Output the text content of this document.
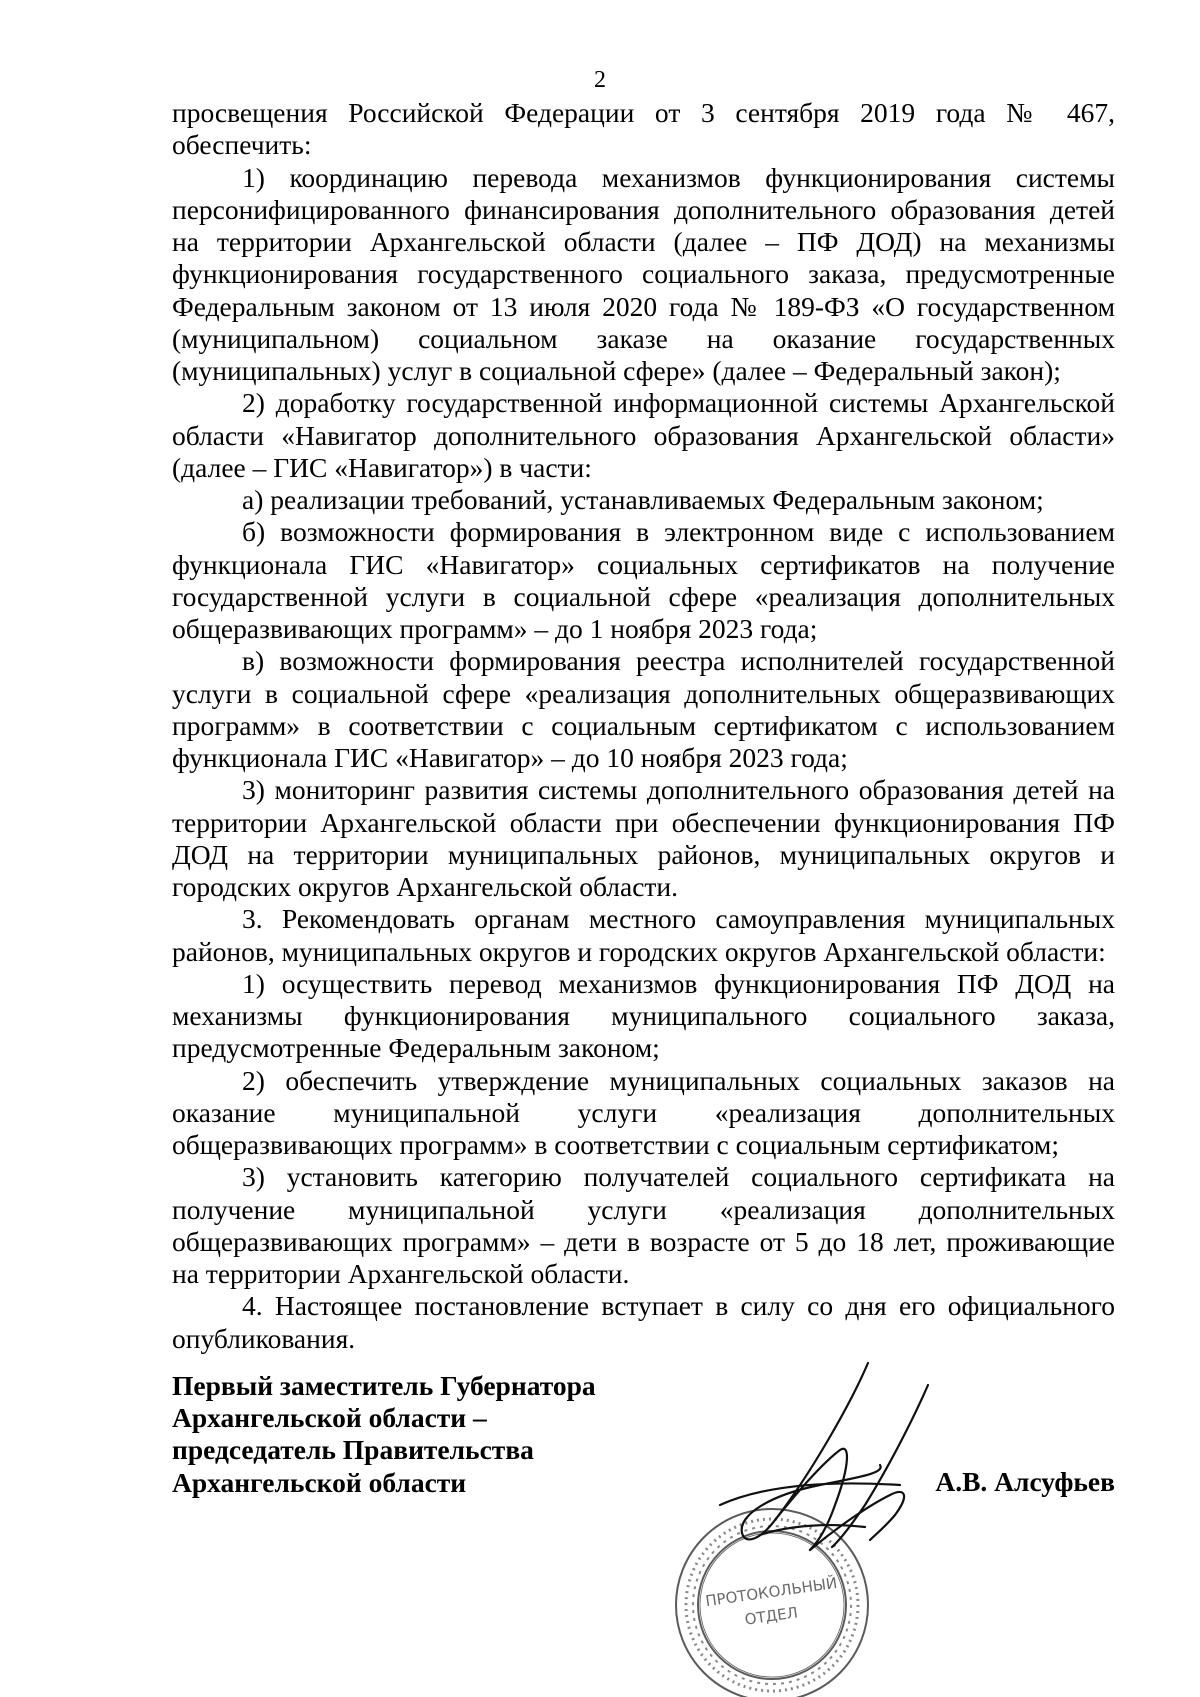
2

просвещения Российской Федерации от 3 сентября 2019 года № 467, обеспечить:

1) координацию перевода механизмов функционирования системы персонифицированного финансирования дополнительного образования детей на территории Архангельской области (далее – ПФ ДОД) на механизмы функционирования государственного социального заказа, предусмотренные Федеральным законом от 13 июля 2020 года № 189-ФЗ «О государственном (муниципальном) социальном заказе на оказание государственных (муниципальных) услуг в социальной сфере» (далее – Федеральный закон);

2) доработку государственной информационной системы Архангельской области «Навигатор дополнительного образования Архангельской области» (далее – ГИС «Навигатор») в части:

а) реализации требований, устанавливаемых Федеральным законом;

б) возможности формирования в электронном виде с использованием функционала ГИС «Навигатор» социальных сертификатов на получение государственной услуги в социальной сфере «реализация дополнительных общеразвивающих программ» – до 1 ноября 2023 года;

в) возможности формирования реестра исполнителей государственной услуги в социальной сфере «реализация дополнительных общеразвивающих программ» в соответствии с социальным сертификатом с использованием функционала ГИС «Навигатор» – до 10 ноября 2023 года;

3) мониторинг развития системы дополнительного образования детей на территории Архангельской области при обеспечении функционирования ПФ ДОД на территории муниципальных районов, муниципальных округов и городских округов Архангельской области.

3. Рекомендовать органам местного самоуправления муниципальных районов, муниципальных округов и городских округов Архангельской области:

1) осуществить перевод механизмов функционирования ПФ ДОД на механизмы функционирования муниципального социального заказа, предусмотренные Федеральным законом;

2) обеспечить утверждение муниципальных социальных заказов на оказание муниципальной услуги «реализация дополнительных общеразвивающих программ» в соответствии с социальным сертификатом;

3) установить категорию получателей социального сертификата на получение муниципальной услуги «реализация дополнительных общеразвивающих программ» – дети в возрасте от 5 до 18 лет, проживающие на территории Архангельской области.

4. Настоящее постановление вступает в силу со дня его официального опубликования.

Первый заместитель Губернатора
Архангельской области –
председатель Правительства
Архангельской области
ПРОТОКОЛЬНЫЙ
ОТДЕЛ
А.В. Алсуфьев
